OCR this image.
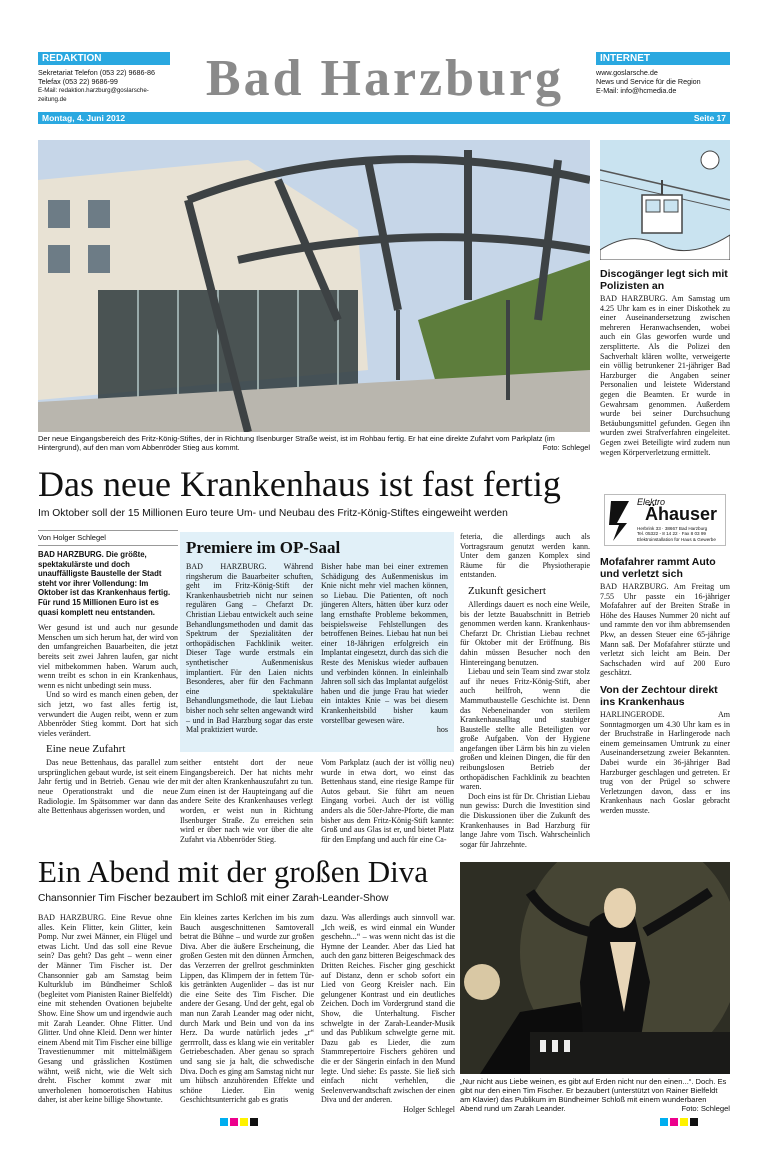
REDAKTION
Sekretariat Telefon (053 22) 9686-86
Telefax (053 22) 9686-99
E-Mail: redaktion.harzburg@goslarsche-zeitung.de	Bad Harzburg	INTERNET
www.goslarsche.de
News und Service für die Region
E-Mail: info@hcmedia.de
Montag, 4. Juni 2012	Seite 17
Der neue Eingangsbereich des Fritz-König-Stiftes, der in Richtung Ilsenburger Straße weist, ist im Rohbau fertig. Er hat eine direkte Zufahrt vom Parkplatz (im Hintergrund), auf den man vom Abbenröder Stieg aus kommt.	Foto: Schlegel
Das neue Krankenhaus ist fast fertig
Im Oktober soll der 15 Millionen Euro teure Um- und Neubau des Fritz-König-Stiftes eingeweiht werden
Von Holger Schlegel
BAD HARZBURG. Die größte, spektakulärste und doch unauffälligste Baustelle der Stadt steht vor ihrer Vollendung: Im Oktober ist das Krankenhaus fertig. Für rund 15 Millionen Euro ist es quasi komplett neu entstanden.

Wer gesund ist und auch nur gesunde Menschen um sich herum hat, der wird von den umfangreichen Bauarbeiten, die jetzt bereits seit zwei Jahren laufen, gar nicht viel mitbekommen haben. Warum auch, wenn treibt es schon in ein Krankenhaus, wenn es nicht unbedingt sein muss.

Und so wird es manch einen geben, der sich jetzt, wo fast alles fertig ist, verwundert die Augen reibt, wenn er zum Abbenröder Stieg kommt. Dort hat sich vieles verändert.

Eine neue Zufahrt

Das neue Bettenhaus, das parallel zum ursprünglichen gebaut wurde, ist seit einem Jahr fertig und in Betrieb. Genau wie der neue Operationstrakt und die neue Radiologie. Im Spätsommer war dann das alte Bettenhaus abgerissen worden, und

Premiere im OP-Saal
BAD HARZBURG. Während ringsherum die Bauarbeiter schuften, geht im Fritz-König-Stift der Krankenhausbetrieb nicht nur seinen regulären Gang – Chefarzt Dr. Christian Liebau entwickelt auch seine Behandlungsmethoden und damit das Spektrum der Spezialitäten der orthopädischen Fachklinik weiter. Dieser Tage wurde erstmals ein synthetischer Außenmeniskus implantiert. Für den Laien nichts Besonderes, aber für den Fachmann eine spektakuläre Behandlungsmethode, die laut Liebau bisher noch sehr selten angewandt wird – und in Bad Harzburg sogar das erste Mal praktiziert wurde.
Bisher habe man bei einer extremen Schädigung des Außenmeniskus im Knie nicht mehr viel machen können, so Liebau. Die Patienten, oft noch jüngeren Alters, hätten über kurz oder lang ernsthafte Probleme bekommen, beispielsweise Fehlstellungen des betroffenen Beines. Liebau hat nun bei einer 18-Jährigen erfolgreich ein Implantat eingesetzt, durch das sich die Reste des Meniskus wieder aufbauen und verbinden können. In einleinhalb Jahren soll sich das Implantat aufgelöst haben und die junge Frau hat wieder ein intaktes Knie – was bei diesem Krankenheitsbild bisher kaum vorstellbar gewesen wäre.
hos
seither entsteht dort der neue Eingangsbereich. Der hat nichts mehr mit der alten Krankenhauszufahrt zu tun. Zum einen ist der Haupteingang auf die andere Seite des Krankenhauses verlegt worden, er weist nun in Richtung Ilsenburger Straße. Zu erreichen sein wird er über nach wie vor über die alte Zufahrt via Abbenröder Stieg.
Vom Parkplatz (auch der ist völlig neu) wurde in etwa dort, wo einst das Bettenhaus stand, eine riesige Rampe für Autos gebaut. Sie führt am neuen Eingang vorbei. Auch der ist völlig anders als die 50er-Jahre-Pforte, die man bisher aus dem Fritz-König-Stift kannte: Groß und aus Glas ist er, und bietet Platz für den Empfang und auch für eine Ca-

feteria, die allerdings auch als Vortragsraum genutzt werden kann. Unter dem ganzen Komplex sind Räume für die Physiotherapie entstanden.

Zukunft gesichert

Allerdings dauert es noch eine Weile, bis der letzte Bauabschnitt in Betrieb genommen werden kann. Krankenhaus-Chefarzt Dr. Christian Liebau rechnet für Oktober mit der Eröffnung. Bis dahin müssen Besucher noch den Hintereingang benutzen.

Liebau und sein Team sind zwar stolz auf ihr neues Fritz-König-Stift, aber auch heilfroh, wenn die Mammutbaustelle Geschichte ist. Denn das Nebeneinander von sterilem Krankenhausalltag und staubiger Baustelle stellte alle Beteiligten vor große Aufgaben. Von der Hygiene angefangen über Lärm bis hin zu vielen großen und kleinen Dingen, die für den reibungslosen Betrieb der orthopädischen Fachklinik zu beachten waren.

Doch eins ist für Dr. Christian Liebau nun gewiss: Durch die Investition sind die Diskussionen über die Zukunft des Krankenhauses in Bad Harzburg für lange Jahre vom Tisch. Wahrscheinlich sogar für Jahrzehnte.

Discogänger legt sich mit Polizisten an
BAD HARZBURG. Am Samstag um 4.25 Uhr kam es in einer Diskothek zu einer Auseinandersetzung zwischen mehreren Heranwachsenden, wobei auch ein Glas geworfen wurde und zersplitterte. Als die Polizei den Sachverhalt klären wollte, verweigerte ein völlig betrunkener 21-jähriger Bad Harzburger die Angaben seiner Personalien und leistete Widerstand gegen die Beamten. Er wurde in Gewahrsam genommen. Außerdem wurde bei seiner Durchsuchung Betäubungsmittel gefunden. Gegen ihn wurden zwei Strafverfahren eingeleitet. Gegen zwei Beteiligte wird zudem nun wegen Körperverletzung ermittelt.
Elektro
Ähauser
Herbrink 33 · 38667 Bad Harzburg
Tel. 05322 - 8 14 22 · Fax 8 03 99
Elektroinstallation für Haus & Gewerbe
Mofafahrer rammt Auto und verletzt sich
BAD HARZBURG. Am Freitag um 7.55 Uhr passte ein 16-jähriger Mofafahrer auf der Breiten Straße in Höhe des Hauses Nummer 20 nicht auf und rammte den vor ihm abbremsenden Pkw, an dessen Steuer eine 65-jährige Mann saß. Der Mofafahrer stürzte und verletzt sich leicht am Bein. Der Sachschaden wird auf 200 Euro geschätzt.
Von der Zechtour direkt ins Krankenhaus
HARLINGERODE. Am Sonntagmorgen um 4.30 Uhr kam es in der Bruchstraße in Harlingerode nach einem gemeinsamen Umtrunk zu einer Auseinandersetzung zweier Bekannten. Dabei wurde ein 36-jähriger Bad Harzburger geschlagen und getreten. Er trug von der Prügel so schwere Verletzungen davon, dass er ins Krankenhaus nach Goslar gebracht werden musste.
Ein Abend mit der großen Diva
Chansonnier Tim Fischer bezaubert im Schloß mit einer Zarah-Leander-Show
BAD HARZBURG. Eine Revue ohne alles. Kein Flitter, kein Glitter, kein Pomp. Nur zwei Männer, ein Flügel und etwas Licht. Und das soll eine Revue sein? Das geht? Das geht – wenn einer der Männer Tim Fischer ist. Der Chansonnier gab am Samstag beim Kulturklub im Bündheimer Schloß (begleitet vom Pianisten Rainer Bielfeldt) eine mit stehenden Ovationen bejubelte Show. Eine Show um und irgendwie auch mit Zarah Leander. Ohne Flitter. Und Glitter. Und ohne Kleid. Denn wer hinter einem Abend mit Tim Fischer eine billige Travestienummer mit mittelmäßigem Gesang und grässlichen Kostümen wähnt, weiß nicht, wie die Welt sich dreht. Fischer kommt zwar mit unverholenen homoerotischen Habitus daher, ist aber keine billige Showtunte.
Ein kleines zartes Kerlchen im bis zum Bauch ausgeschnittenen Samtoverall betrat die Bühne – und wurde zur großen Diva. Aber die äußere Erscheinung, die großen Gesten mit den dünnen Ärmchen, das Verzerren der grellrot geschminkten Lippen, das Klimpern der in fettem Tür-kis getränkten Augenlider – das ist nur die eine Seite des Tim Fischer. Die andere der Gesang. Und der geht, egal ob man nun Zarah Leander mag oder nicht, durch Mark und Bein und von da ins Herz. Da wurde natürlich jedes „r“ gerrrrollt, dass es klang wie ein veritabler Getriebeschaden. Aber genau so sprach und sang sie ja halt, die schwedische Diva. Doch es ging am Samstag nicht nur um hübsch anzuhörenden Effekte und schöne Lieder. Ein wenig Geschichtsunterricht gab es gratis
dazu. Was allerdings auch sinnvoll war. „Ich weiß, es wird einmal ein Wunder geschehn...“ – was wenn nicht das ist die Hymne der Leander. Aber das Lied hat auch den ganz bitteren Beigeschmack des Dritten Reiches. Fischer ging geschickt auf Distanz, denn er schob sofort ein Lied von Georg Kreisler nach. Ein gelungener Kontrast und ein deutliches Zeichen. Doch im Vordergrund stand die Show, die Unterhaltung. Fischer schwelgte in der Zarah-Leander-Musik und das Publikum schwelgte gerne mit. Dazu gab es Lieder, die zum Stammrepertoire Fischers gehören und die er der Sängerin einfach in den Mund legte. Und siehe: Es passte. Sie ließ sich einfach nicht verhehlen, die Seelenverwandtschaft zwischen der einen Diva und der anderen.
Holger Schlegel
„Nur nicht aus Liebe weinen, es gibt auf Erden nicht nur den einen...“. Doch. Es gibt nur den einen Tim Fischer. Er bezaubert (unterstützt von Rainer Bielfeldt am Klavier) das Publikum im Bündheimer Schloß mit einem wunderbaren Abend rund um Zarah Leander.	Foto: Schlegel
